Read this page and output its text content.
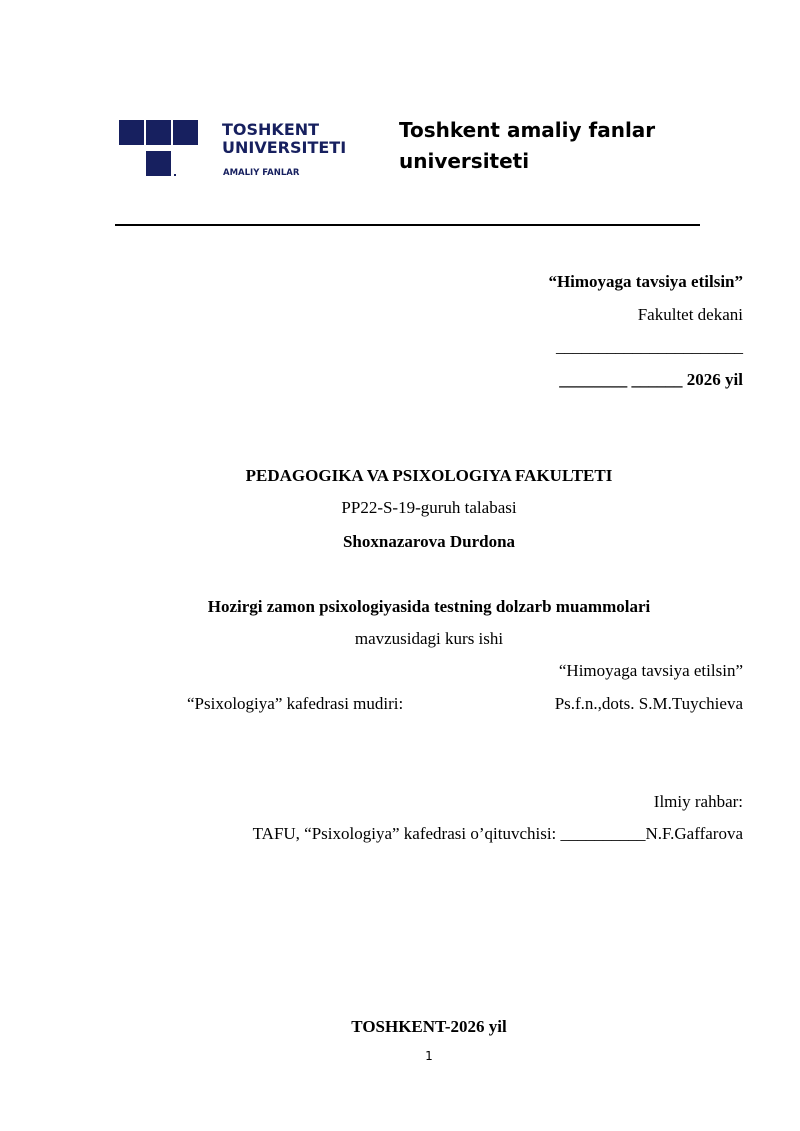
TOSHKENT
UNIVERSITETI
AMALIY FANLAR
Toshkent amaliy fanlar
universiteti
“Himoyaga tavsiya etilsin”
Fakultet dekani
______________________
________ ______ 2026 yil
PEDAGOGIKA VA PSIXOLOGIYA FAKULTETI
PP22-S-19-guruh talabasi
Shoxnazarova Durdona
Hozirgi zamon psixologiyasida testning dolzarb muammolari
mavzusidagi kurs ishi
“Himoyaga tavsiya etilsin”
“Psixologiya” kafedrasi mudiri:	Ps.f.n.,dots. S.M.Tuychieva
Ilmiy rahbar:
TAFU, “Psixologiya” kafedrasi o’qituvchisi: __________N.F.Gaffarova
TOSHKENT-2026 yil
1
